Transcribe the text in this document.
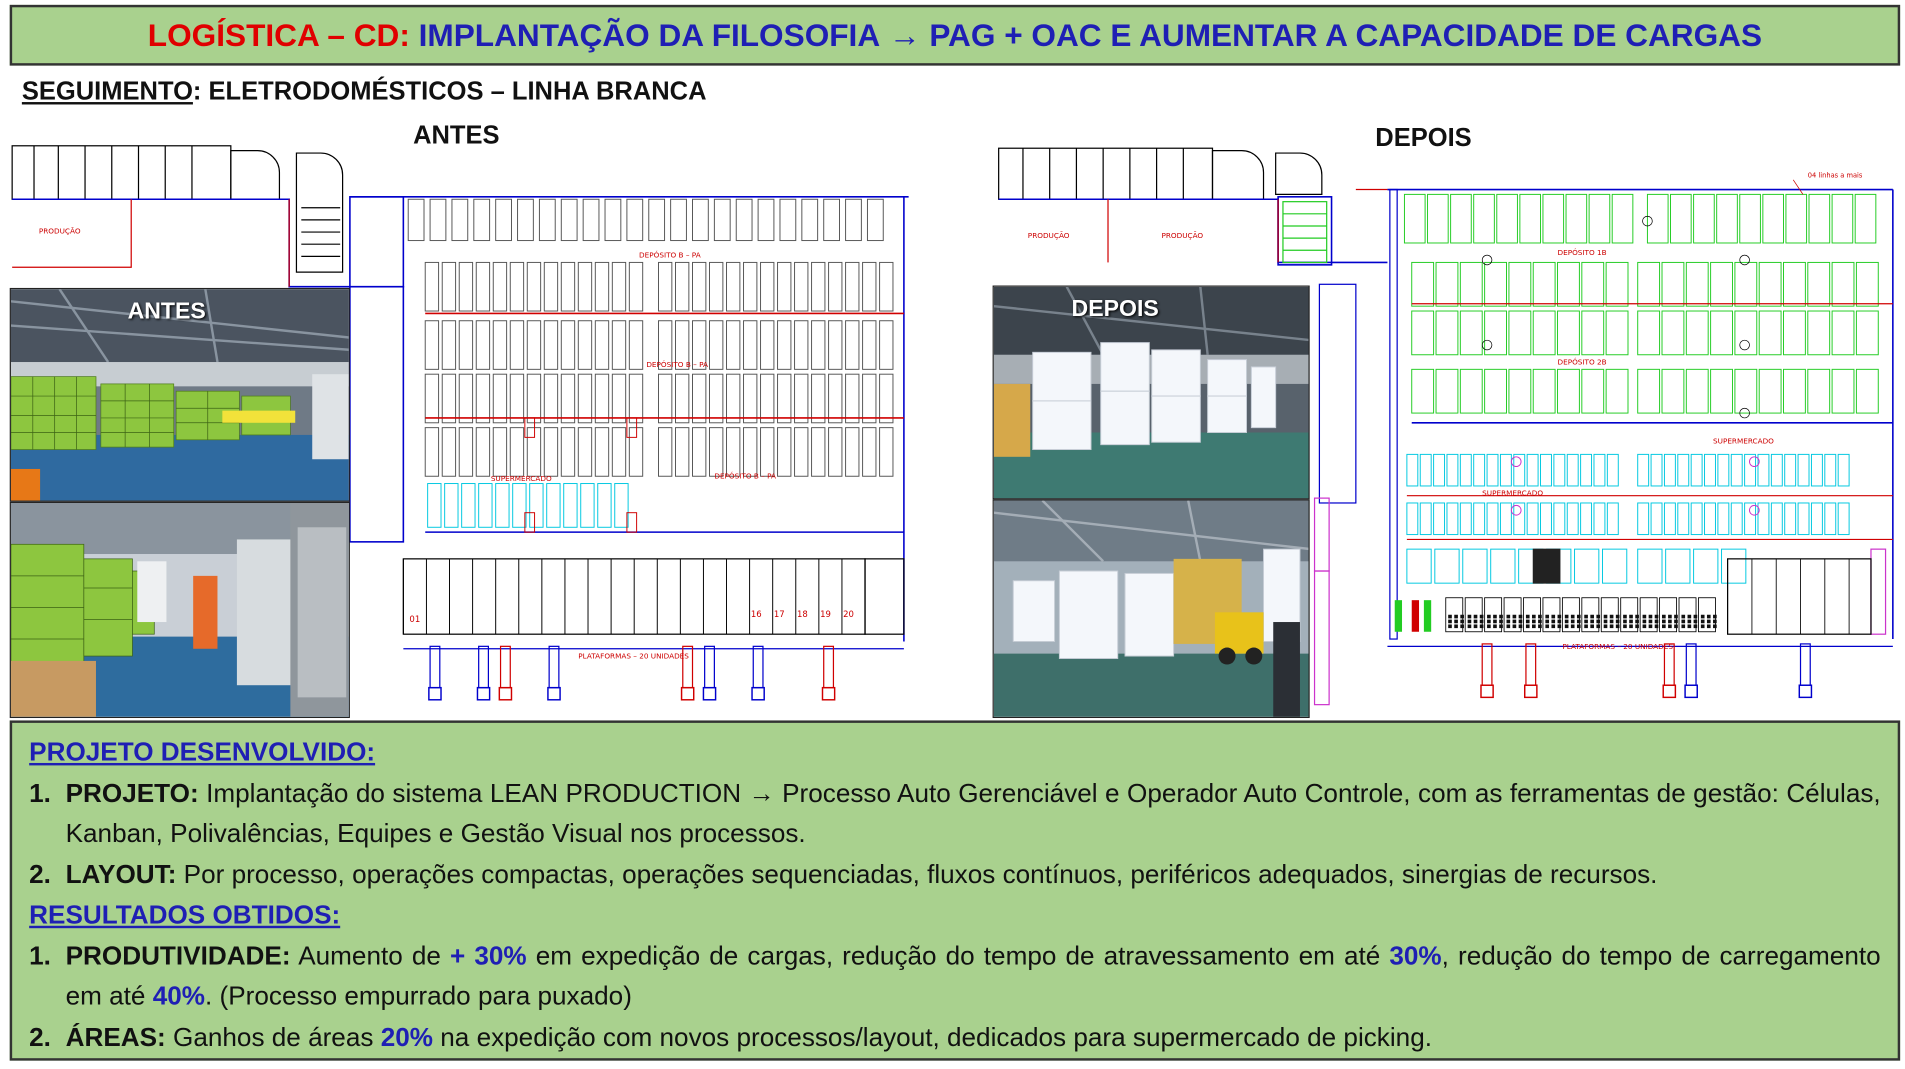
LOGÍSTICA – CD:
IMPLANTAÇÃO DA FILOSOFIA
→
PAG + OAC E AUMENTAR A CAPACIDADE DE CARGAS
SEGUIMENTO: ELETRODOMÉSTICOS – LINHA BRANCA
ANTES	DEPOIS
PRODUÇÃO
DEPÓSITO B – PA
DEPÓSITO B – PA
DEPÓSITO B – PA
SUPERMERCADO
01	16 17 18 19 20
PLATAFORMAS – 20 UNIDADES
ANTES
PRODUÇÃO	PRODUÇÃO
DEPÓSITO 1B
DEPÓSITO 2B
SUPERMERCADO
SUPERMERCADO
04 linhas a mais
PLATAFORMAS – 20 UNIDADES
DEPOIS
PROJETO DESENVOLVIDO:
1. PROJETO: Implantação do sistema LEAN PRODUCTION → Processo Auto Gerenciável e Operador Auto Controle, com as ferramentas de gestão: Células, Kanban, Polivalências, Equipes e Gestão Visual nos processos.
2. LAYOUT: Por processo, operações compactas, operações sequenciadas, fluxos contínuos, periféricos adequados, sinergias de recursos.
RESULTADOS OBTIDOS:
1. PRODUTIVIDADE: Aumento de + 30% em expedição de cargas, redução do tempo de atravessamento em até 30%, redução do tempo de carregamento em até 40%. (Processo empurrado para puxado)
2. ÁREAS: Ganhos de áreas 20% na expedição com novos processos/layout, dedicados para supermercado de picking.
